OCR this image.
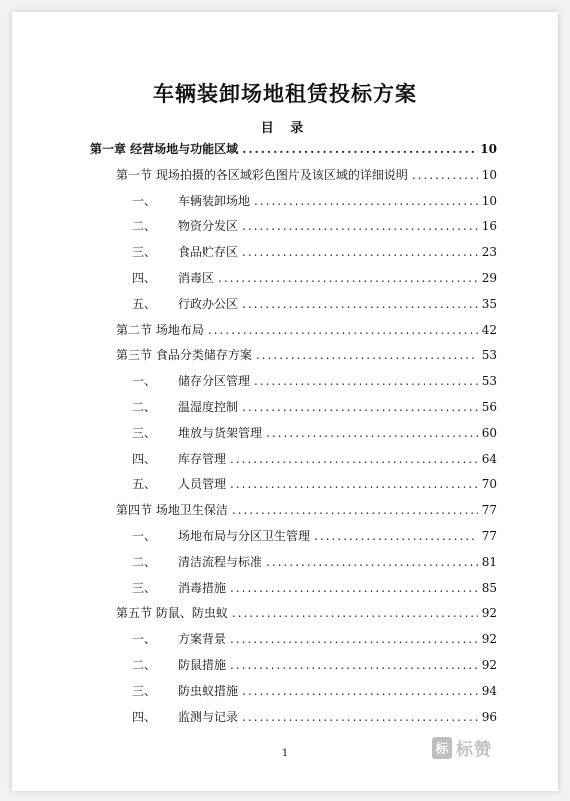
车辆装卸场地租赁投标方案
目 录
第一章 经营场地与功能区域 .....	10
第一节 现场拍摄的各区域彩色图片及该区域的详细说明 .....	10
一、 车辆装卸场地 .....	10
二、 物资分发区 .....	16
三、 食品贮存区 .....	23
四、 消毒区 .....	29
五、 行政办公区 .....	35
第二节 场地布局 .....	42
第三节 食品分类储存方案 .....	53
一、 储存分区管理 .....	53
二、 温湿度控制 .....	56
三、 堆放与货架管理 .....	60
四、 库存管理 .....	64
五、 人员管理 .....	70
第四节 场地卫生保洁 .....	77
一、 场地布局与分区卫生管理 .....	77
二、 清洁流程与标准 .....	81
三、 消毒措施 .....	85
第五节 防鼠、防虫蚁 .....	92
一、 方案背景 .....	92
二、 防鼠措施 .....	92
三、 防虫蚁措施 .....	94
四、 监测与记录 .....	96
1	标 标赞
